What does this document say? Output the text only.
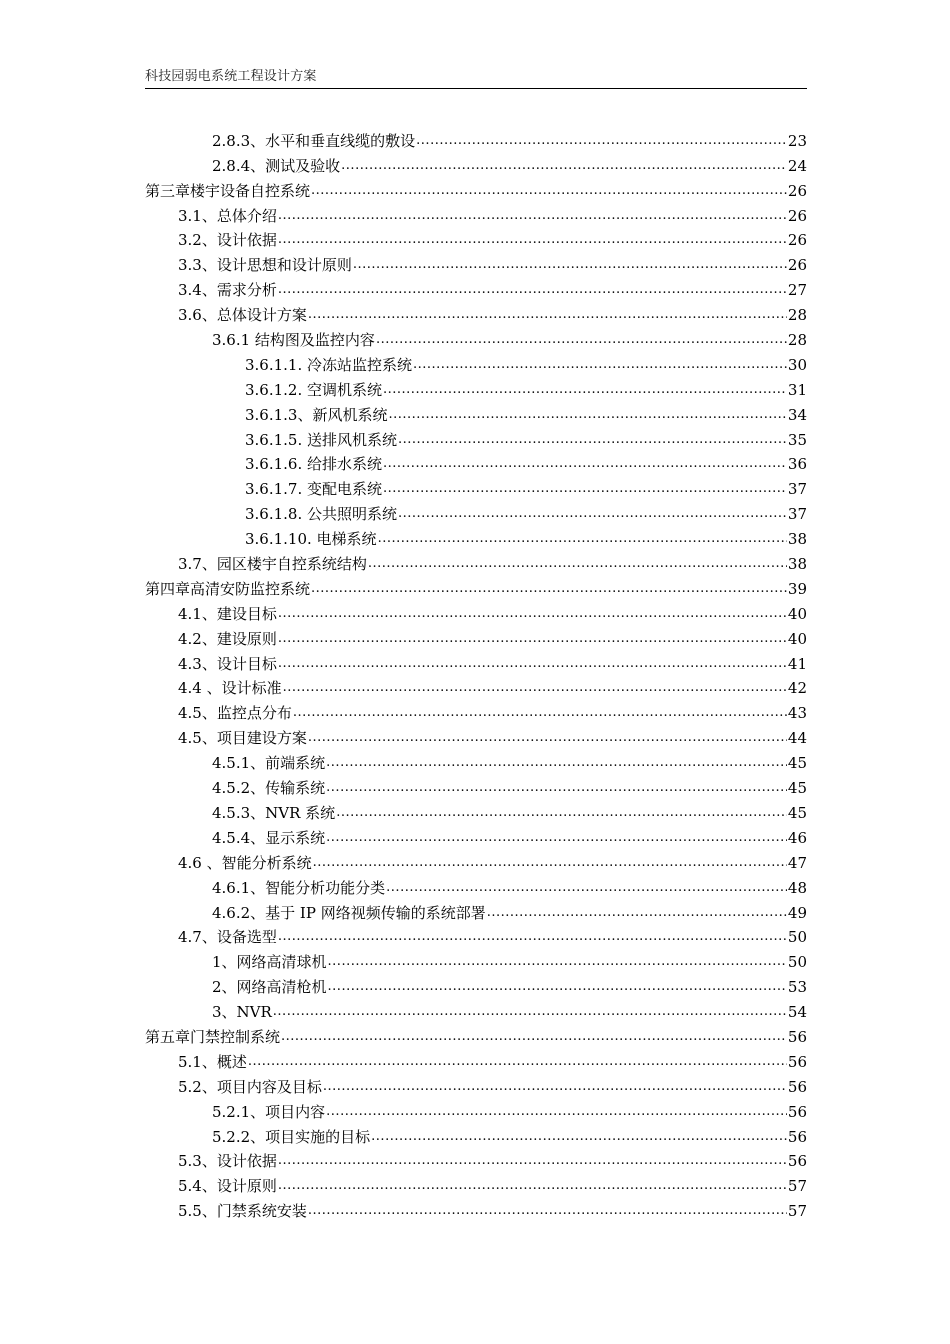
科技园弱电系统工程设计方案
2.8.3、水平和垂直线缆的敷设 .....	23
2.8.4、测试及验收 .....	24
第三章楼宇设备自控系统 .....	26
3.1、总体介绍 .....	26
3.2、设计依据 .....	26
3.3、设计思想和设计原则 .....	26
3.4、需求分析 .....	27
3.6、总体设计方案 .....	28
3.6.1 结构图及监控内容 .....	28
3.6.1.1. 冷冻站监控系统 .....	30
3.6.1.2. 空调机系统 .....	31
3.6.1.3、新风机系统 .....	34
3.6.1.5. 送排风机系统 .....	35
3.6.1.6. 给排水系统 .....	36
3.6.1.7. 变配电系统 .....	37
3.6.1.8. 公共照明系统 .....	37
3.6.1.10. 电梯系统 .....	38
3.7、园区楼宇自控系统结构 .....	38
第四章高清安防监控系统 .....	39
4.1、建设目标 .....	40
4.2、建设原则 .....	40
4.3、设计目标 .....	41
4.4 、设计标准 .....	42
4.5、监控点分布 .....	43
4.5、项目建设方案 .....	44
4.5.1、前端系统 .....	45
4.5.2、传输系统 .....	45
4.5.3、NVR 系统 .....	45
4.5.4、显示系统 .....	46
4.6 、智能分析系统 .....	47
4.6.1、智能分析功能分类 .....	48
4.6.2、基于 IP 网络视频传输的系统部署 .....	49
4.7、设备选型 .....	50
1、网络高清球机 .....	50
2、网络高清枪机 .....	53
3、NVR .....	54
第五章门禁控制系统 .....	56
5.1、概述 .....	56
5.2、项目内容及目标 .....	56
5.2.1、项目内容 .....	56
5.2.2、项目实施的目标 .....	56
5.3、设计依据 .....	56
5.4、设计原则 .....	57
5.5、门禁系统安装 .....	57
